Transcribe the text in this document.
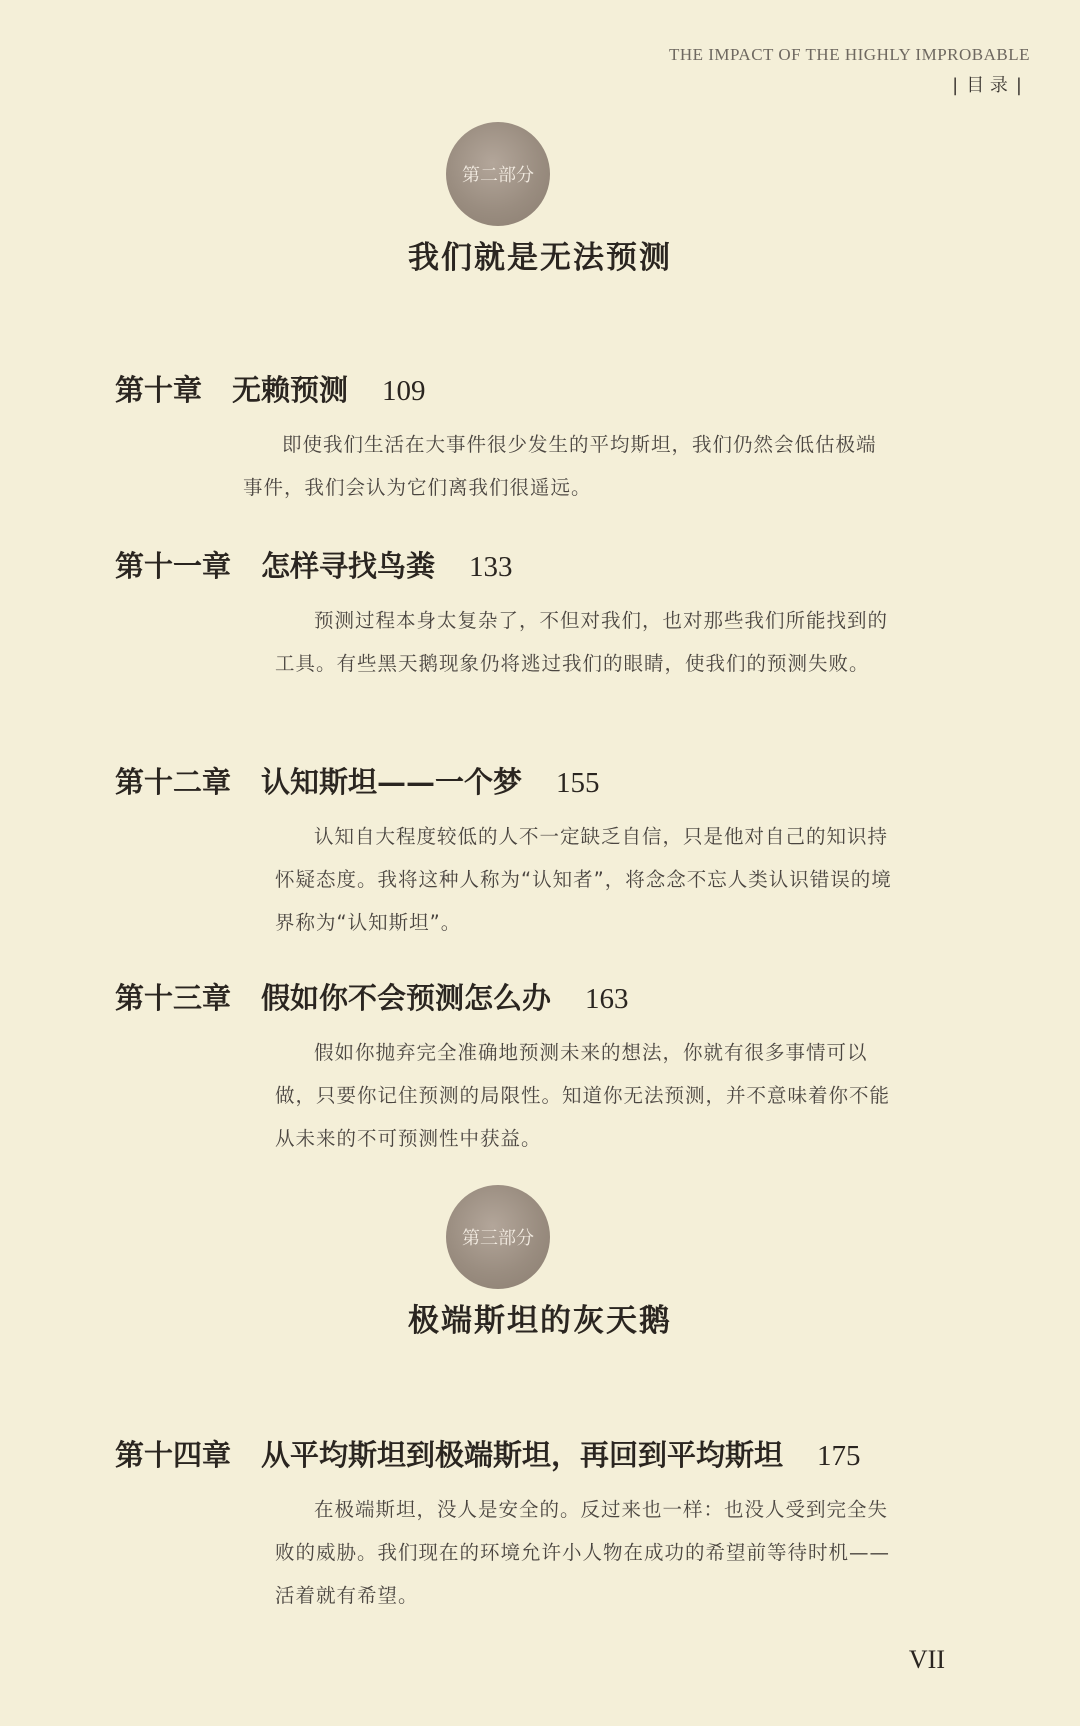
THE IMPACT OF THE HIGHLY IMPROBABLE
| 目 录 |
第二部分
我们就是无法预测
第十章 无赖预测 109
即使我们生活在大事件很少发生的平均斯坦，我们仍然会低估极端事件，我们会认为它们离我们很遥远。
第十一章 怎样寻找鸟粪 133
预测过程本身太复杂了，不但对我们，也对那些我们所能找到的工具。有些黑天鹅现象仍将逃过我们的眼睛，使我们的预测失败。
第十二章 认知斯坦——一个梦 155
认知自大程度较低的人不一定缺乏自信，只是他对自己的知识持怀疑态度。我将这种人称为“认知者”，将念念不忘人类认识错误的境界称为“认知斯坦”。
第十三章 假如你不会预测怎么办 163
假如你抛弃完全准确地预测未来的想法，你就有很多事情可以做，只要你记住预测的局限性。知道你无法预测，并不意味着你不能从未来的不可预测性中获益。
第三部分
极端斯坦的灰天鹅
第十四章 从平均斯坦到极端斯坦，再回到平均斯坦 175
在极端斯坦，没人是安全的。反过来也一样：也没人受到完全失败的威胁。我们现在的环境允许小人物在成功的希望前等待时机——活着就有希望。
VII
